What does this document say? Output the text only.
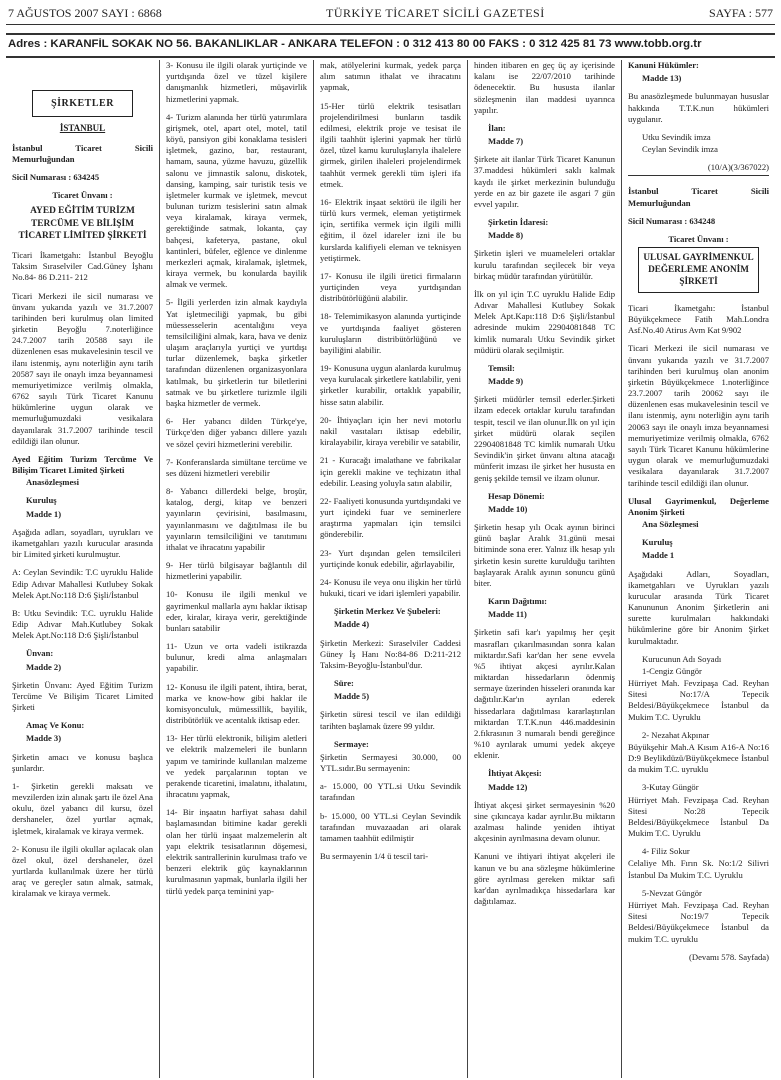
7 AĞUSTOS 2007 SAYI : 6868	TÜRKİYE TİCARET SİCİLİ GAZETESİ	SAYFA : 577
Adres : KARANFİL SOKAK NO 56. BAKANLIKLAR - ANKARA TELEFON : 0 312 413 80 00 FAKS : 0 312 425 81 73 www.tobb.org.tr
ŞİRKETLER
İSTANBUL

İstanbul Ticaret Sicili Memurluğundan

Sicil Numarası : 634245

Ticaret Ünvanı :

AYED EĞİTİM TURİZM TERCÜME VE BİLİŞİM TİCARET LİMİTED ŞİRKETİ

Ticari İkametgahı: İstanbul Beyoğlu Taksim Sıraselviler Cad.Güney İşhanı No.84- 86 D.211- 212

Ticari Merkezi ile sicil numarası ve ünvanı yukarıda yazılı ve 31.7.2007 tarihinden beri kurulmuş olan limited şirketin Beyoğlu 7.noterliğince 24.7.2007 tarih 20588 sayı ile düzenlenen esas mukavelesinin tescil ve ilanı istenmiş, aynı noterliğin aynı tarih 20587 sayı ile onaylı imza beyannamesi memuriyetimizce verilmiş olmakla, 6762 sayılı Türk Ticaret Kanunu hükümlerine uygun olarak ve memurluğumuzdaki vesikalara dayanılarak 31.7.2007 tarihinde tescil edildiği ilan olunur.

Ayed Eğitim Turizm Tercüme Ve Bilişim Ticaret Limited Şirketi

Anasözleşmesi

Kuruluş

Madde 1)

Aşağıda adları, soyadları, uyrukları ve ikametgahları yazılı kurucular arasında bir Limited şirketi kurulmuştur.

A: Ceylan Sevindik: T.C uyruklu Halide Edip Adıvar Mahallesi Kutlubey Sokak Melek Apt.No:118 D:6 Şişli/İstanbul

B: Utku Sevindik: T.C. uyruklu Halide Edip Adıvar Mah.Kutlubey Sokak Melek Apt.No:118 D:6 Şişli/İstanbul

Ünvan:

Madde 2)

Şirketin Ünvanı: Ayed Eğitim Turizm Tercüme Ve Bilişim Ticaret Limited Şirketi

Amaç Ve Konu:

Madde 3)

Şirketin amacı ve konusu başlıca şunlardır.

1- Şirketin gerekli maksatı ve mevzilerden izin alınak şartı ile özel Ana okulu, özel yabancı dil kursu, özel dershaneler, özel yurtlar açmak, işletmek, kiralamak ve kiraya vermek.

2- Konusu ile ilgili okullar açılacak olan özel okul, özel dershaneler, özel yurtlarda kullanılmak üzere her türlü araç ve gereçler satın almak, satmak, kiralamak ve kiraya vermek.

3- Konusu ile ilgili olarak yurtiçinde ve yurtdışında özel ve tüzel kişilere danışmanlık hizmetleri, müşavirlik hizmetlerini yapmak.

4- Turizm alanında her türlü yatırımlara girişmek, otel, apart otel, motel, tatil köyü, pansiyon gibi konaklama tesisleri işletmek, gazino, bar, restaurant, hamam, sauna, yüzme havuzu, güzellik salonu ve jimnastik salonu, diskotek, dansing, kamping, sair turistik tesis ve işletmeler kurmak ve işletmek, mevcut bulunan turizm tesislerini satın almak veya kiralamak, kiraya vermek, gerektiğinde satmak, lokanta, çay bahçesi, kafeterya, pastane, okul kantinleri, büfeler, eğlence ve dinlenme merkezleri açmak, kiralamak, işletmek, kiraya vermek, bu konularda bayilik almak ve vermek.

5- İlgili yerlerden izin almak kaydıyla Yat işletmeciliği yapmak, bu gibi müessesselerin acentalığını veya temsilciliğini almak, kara, hava ve deniz ulaşım araçlarıyla yurtiçi ve yurtdışı turlar düzenlemek, başka şirketler tarafından düzenlenen organizasyonlara katılmak, bu şirketlerin tur biletlerini satmak ve bu şirketlere turizmle ilgili başka hizmetler de vermek.

6- Her yabancı dilden Türkçe'ye, Türkçe'den diğer yabancı dillere yazılı ve sözel çeviri hizmetlerini verebilir.

7- Konferanslarda simültane tercüme ve ses düzeni hizmetleri verebilir

8- Yabancı dillerdeki belge, broşür, katalog, dergi, kitap ve benzeri yayınların çevirisini, basılmasını, yayınlanmasını ve dağıtılması ile bu yayınların temsilciliğini ve tanıtımını ithalat ve ihracatını yapabilir

9- Her türlü bilgisayar bağlantılı dil hizmetlerini yapabilir.

10- Konusu ile ilgili menkul ve gayrimenkul mallarla aynı haklar iktisap eder, kiralar, kiraya verir, gerektiğinde bunları satabilir

11- Uzun ve orta vadeli istikrazda bulunur, kredi alma anlaşmaları yapabilir.

12- Konusu ile ilgili patent, ihtira, berat, marka ve know-how gibi haklar ile komisyonculuk, mümessillik, bayilik, distribütörlük ve acentalık iktisap eder.

13- Her türlü elektronik, bilişim aletleri ve elektrik malzemeleri ile bunların yapım ve tamirinde kullanılan malzeme ve yedek parçalarının toptan ve perakende ticaretini, imalatını, ithalatını, ihracatını yapmak,

14- Bir inşaatın harfiyat sahası dahil başlamasından bitimine kadar gerekli olan her türlü inşaat malzemelerin alt yapı elektrik tesisatlarının döşemesi, elektrik santrallerinin kurulması trafo ve benzeri elektrik güç kaynaklarının kurulmasının yapmak, bunlarla ilgili her türlü yedek parça teminini yap-

mak, atölyelerini kurmak, yedek parça alım satımın ithalat ve ihracatını yapmak,

15-Her türlü elektrik tesisatları projelendirilmesi bunların tasdik edilmesi, elektrik proje ve tesisat ile ilgili taahhüt işlerini yapmak her türlü özel, tüzel kamu kuruluşlarıyla ihalelere girmek, girilen ihaleleri projelendirmek taahhüt vermek gerekli tüm işleri ifa etmek.

16- Elektrik inşaat sektörü ile ilgili her türlü kurs vermek, eleman yetiştirmek için, sertifika vermek için ilgili milli eğitim, il özel idareler izni ile bu kurslarda kalifiyeli eleman ve teknisyen yetiştirmek.

17- Konusu ile ilgili üretici firmaların yurtiçinden veya yurtdışından distribütörlüğünü alabilir.

18- Telemimikasyon alanında yurtiçinde ve yurtdışında faaliyet gösteren kuruluşların distribütörlüğünü ve bayiliğini alabilir.

19- Konusuna uygun alanlarda kurulmuş veya kurulacak şirketlere katılabilir, yeni şirketler kurabilir, ortaklık yapabilir, hisse satın alabilir.

20- İhtiyaçları için her nevi motorlu nakil vasıtaları iktisap edebilir, kiralayabilir, kiraya verebilir ve satabilir,

21 - Kuracağı imalathane ve fabrikalar için gerekli makine ve teçhizatın ithal edebilir. Leasing yoluyla satın alabilir,

22- Faaliyeti konusunda yurtdışındaki ve yurt içindeki fuar ve seminerlere araştırma yapmaları için temsilci gönderebilir.

23- Yurt dışından gelen temsilcileri yurtiçinde konuk edebilir, ağırlayabilir,

24- Konusu ile veya onu ilişkin her türlü hukuki, ticari ve idari işlemleri yapabilir.

Şirketin Merkez Ve Şubeleri:

Madde 4)

Şirketin Merkezi: Sıraselviler Caddesi Güney İş Hanı No:84-86 D:211-212 Taksim-Beyoğlu-İstanbul'dur.

Süre:

Madde 5)

Şirketin süresi tescil ve ilan edildiği tarihten başlamak üzere 99 yıldır.

Sermaye:

Şirketin Sermayesi 30.000, 00 YTL.sıdır.Bu sermayenin:

a- 15.000, 00 YTL.si Utku Sevindik tarafından

b- 15.000, 00 YTL.si Ceylan Sevindik tarafından muvazaadan ari olarak tamamen taahhüt edilmiştir

Bu sermayenin 1/4 ü tescil tari-

hinden itibaren en geç üç ay içerisinde kalanı ise 22/07/2010 tarihinde ödenecektir. Bu hususta ilanlar sözleşmenin ilan maddesi uyarınca yapılır.

İlan:

Madde 7)

Şirkete ait ilanlar Türk Ticaret Kanunun 37.maddesi hükümleri saklı kalmak kaydı ile şirket merkezinin bulunduğu yerde en az bir gazete ile asgari 7 gün evvel yapılır.

Şirketin İdaresi:

Madde 8)

Şirketin işleri ve muameleleri ortaklar kurulu tarafından seçilecek bir veya birkaç müdür tarafından yürütülür.

İlk on yıl için T.C uyruklu Halide Edip Adıvar Mahallesi Kutlubey Sokak Melek Apt.Kapı:118 D:6 Şişli/İstanbul adresinde mukim 22904081848 TC kimlik numaralı Utku Sevindik şirket müdürü olarak seçilmiştir.

Temsil:

Madde 9)

Şirketi müdürler temsil ederler.Şirketi ilzam edecek ortaklar kurulu tarafından tespit, tescil ve ilan olunur.İlk on yıl için şirket müdürü olarak seçilen 22904081848 TC kimlik numaralı Utku Sevindik'in şirket ünvanı altına atacağı münferit imzası ile şirket her hususta en geniş şekilde temsil ve ilzam olunur.

Hesap Dönemi:

Madde 10)

Şirketin hesap yılı Ocak ayının birinci günü başlar Aralık 31.günü mesai bitiminde sona erer. Yalnız ilk hesap yılı şirketin kesin surette kurulduğu tarihten başlayarak Aralık ayının sonuncu günü biter.

Karın Dağıtımı:

Madde 11)

Şirketin safi kar'ı yapılmış her çeşit masrafları çıkarılmasından sonra kalan miktardır.Safi kar'dan her sene evvela %5 ihtiyat akçesi ayrılır.Kalan miktardan hissedarların ödenmiş sermaye üzerinden hisseleri oranında kar dağıtılır.Kar'ın ayrılan ederek hissedarlara dağıtılması kararlaştırılan miktardan T.T.K.nun 446.maddesinin 2.fıkrasının 3 numaralı bendi gereğince %10 ayrılarak umumi yedek akçeye eklenir.

İhtiyat Akçesi:

Madde 12)

İhtiyat akçesi şirket sermayesinin %20 sine çıkıncaya kadar ayrılır.Bu miktarın azalması halinde yeniden ihtiyat akçesinin ayrılmasına devam olunur.

Kanuni ve ihtiyari ihtiyat akçeleri ile kanun ve bu ana sözleşme hükümlerine göre ayrılması gereken miktar safi kar'dan ayrılmadıkça hissedarlara kar dağıtılamaz.

Kanuni Hükümler:

Madde 13)

Bu anasözleşmede bulunmayan hususlar hakkında T.T.K.nun hükümleri uygulanır.

Utku Sevindik imza

Ceylan Sevindik imza

(10/A)(3/367022)

İstanbul Ticaret Sicili Memurluğundan

Sicil Numarası : 634248

Ticaret Ünvanı :

ULUSAL GAYRİMENKUL DEĞERLEME ANONİM ŞİRKETİ

Ticari İkametgahı: İstanbul Büyükçekmece Fatih Mah.Londra Asf.No.40 Atirus Avm Kat 9/902

Ticari Merkezi ile sicil numarası ve ünvanı yukarıda yazılı ve 31.7.2007 tarihinden beri kurulmuş olan anonim şirketin Büyükçekmece 1.noterliğince 23.7.2007 tarih 20062 sayı ile düzenlenen esas mukavelesinin tescil ve ilanı istenmiş, aynı noterliğin aynı tarih 20063 sayı ile onaylı imza beyannamesi memuriyetimize verilmiş olmakla, 6762 sayılı Türk Ticaret Kanunu hükümlerine uygun olarak ve memurluğumuzdaki vesikalara dayanılarak 31.7.2007 tarihinde tescil edildiği ilan olunur.

Ulusal Gayrimenkul, Değerleme Anonim Şirketi

Ana Sözleşmesi

Kuruluş

Madde 1

Aşağıdaki Adları, Soyadları, ikametgahları ve Uyrukları yazılı kurucular arasında Türk Ticaret Kanununun Anonim Şirketlerin ani surette kurulmaları hakkındaki hükümlerine göre bir Anonim Şirket kurulmaktadır.

Kurucunun Adı Soyadı

1-Cengiz Güngör

Hürriyet Mah. Fevzipaşa Cad. Reyhan Sitesi No:17/A Tepecik Beldesi/Büyükçekmece İstanbul da Mukim T.C. Uyruklu

2- Nezahat Akpınar

Büyükşehir Mah.A Kısım A16-A No:16 D:9 Beylikdüzü/Büyükçekmece İstanbul da mukim T.C. uyruklu

3-Kutay Güngör

Hürriyet Mah. Fevzipaşa Cad. Reyhan Sitesi No:28 Tepecik Beldesi/Büyükçekmece İstanbul Da Mukim T.C. Uyruklu

4- Filiz Sokur

Celaliye Mh. Fırın Sk. No:1/2 Silivri İstanbul Da Mukim T.C. Uyruklu

5-Nevzat Güngör

Hürriyet Mah. Fevzipaşa Cad. Reyhan Sitesi No:19/7 Tepecik Beldesi/Büyükçekmece İstanbul da mukim T.C. uyruklu

(Devamı 578. Sayfada)
